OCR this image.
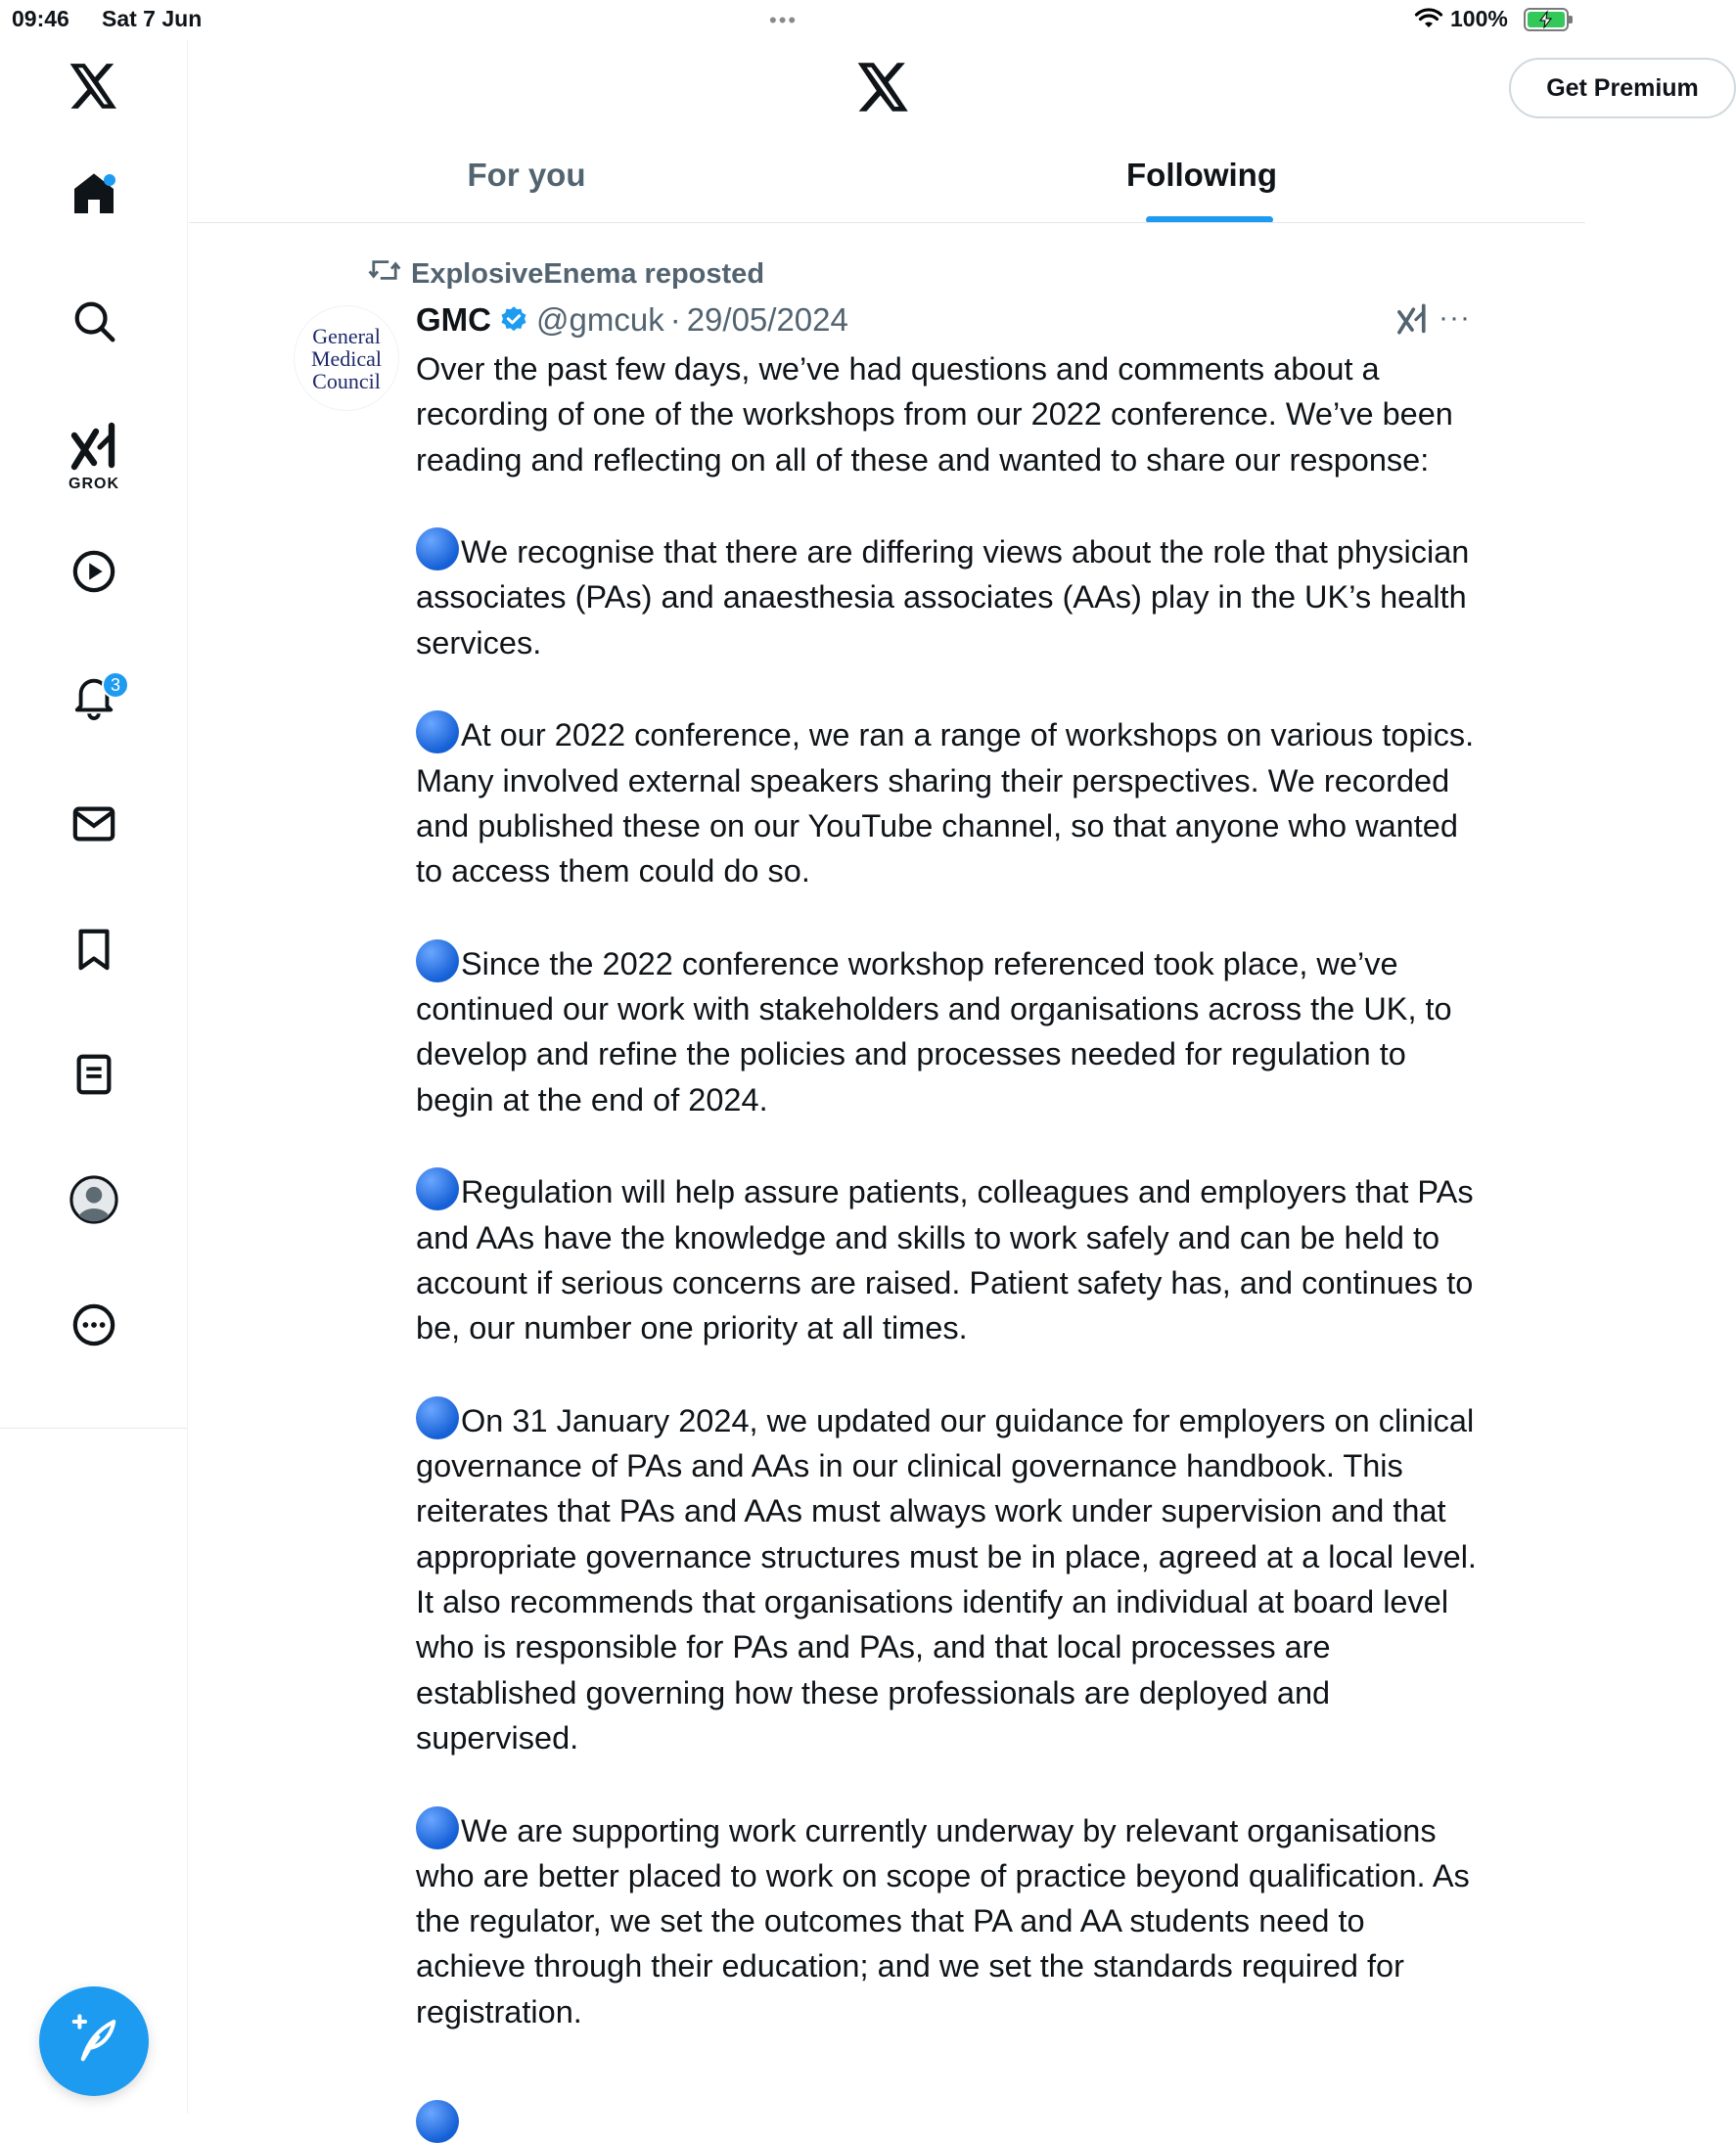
09:46 Sat 7 Jun	•••	100%
GROK
3
Get Premium
For you	Following
ExplosiveEnema reposted
General
Medical
Council
GMC @gmcuk · 29/05/2024	···

Over the past few days, we’ve had questions and comments about a recording of one of the workshops from our 2022 conference. We’ve been reading and reflecting on all of these and wanted to share our response:

We recognise that there are differing views about the role that physician associates (PAs) and anaesthesia associates (AAs) play in the UK’s health services.

At our 2022 conference, we ran a range of workshops on various topics. Many involved external speakers sharing their perspectives. We recorded and published these on our YouTube channel, so that anyone who wanted to access them could do so.

Since the 2022 conference workshop referenced took place, we’ve continued our work with stakeholders and organisations across the UK, to develop and refine the policies and processes needed for regulation to begin at the end of 2024.

Regulation will help assure patients, colleagues and employers that PAs and AAs have the knowledge and skills to work safely and can be held to account if serious concerns are raised. Patient safety has, and continues to be, our number one priority at all times.

On 31 January 2024, we updated our guidance for employers on clinical governance of PAs and AAs in our clinical governance handbook. This reiterates that PAs and AAs must always work under supervision and that appropriate governance structures must be in place, agreed at a local level. It also recommends that organisations identify an individual at board level who is responsible for PAs and PAs, and that local processes are established governing how these professionals are deployed and supervised.

We are supporting work currently underway by relevant organisations who are better placed to work on scope of practice beyond qualification. As the regulator, we set the outcomes that PA and AA students need to achieve through their education; and we set the standards required for registration.
